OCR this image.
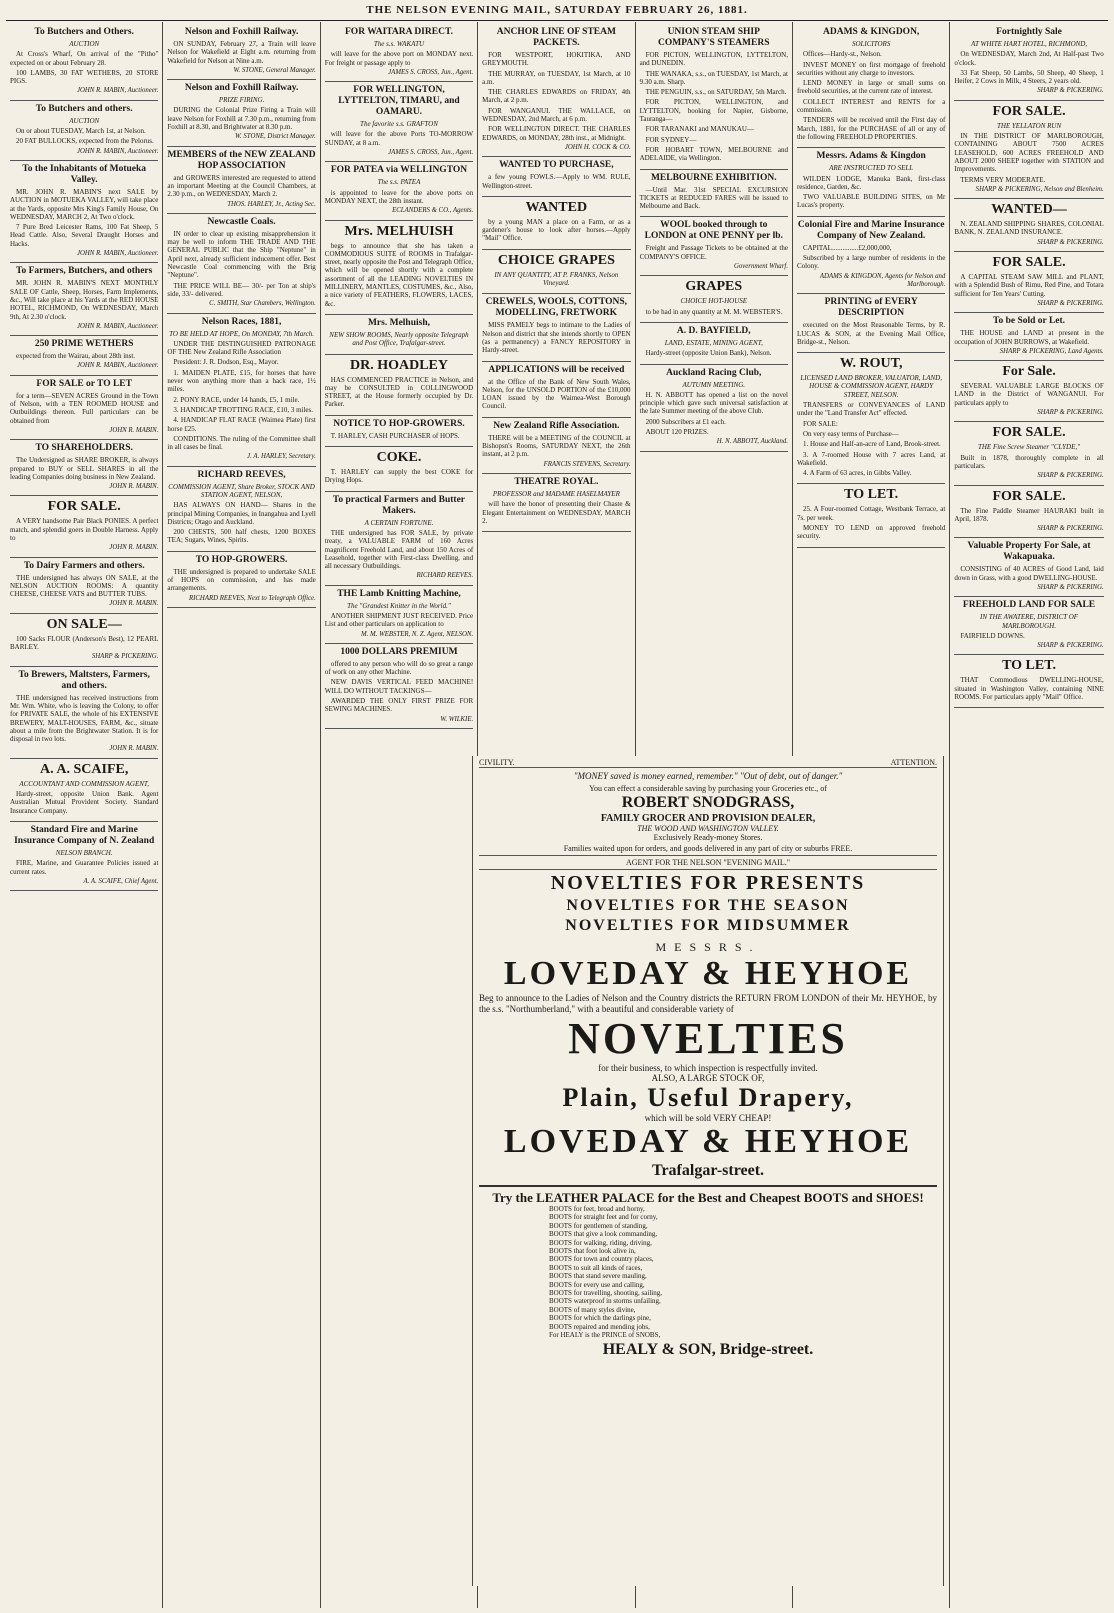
THE NELSON EVENING MAIL, SATURDAY FEBRUARY 26, 1881.
To Butchers and Others.
AUCTION

At Cross's Wharf, On arrival of the "Pitho" expected on or about February 28.

100 LAMBS, 30 FAT WETHERS, 20 STORE PIGS.

JOHN R. MABIN, Auctioneer.
To Butchers and others.
AUCTION

On or about TUESDAY, March 1st, at Nelson.

20 FAT BULLOCKS, expected from the Pelorus.

JOHN R. MABIN, Auctioneer.
To the Inhabitants of Motueka Valley.

MR. JOHN R. MABIN'S next SALE by AUCTION in MOTUEKA VALLEY, will take place at the Yards, opposite Mrs King's Family House, On WEDNESDAY, MARCH 2, At Two o'clock.

7 Pure Bred Leicester Rams, 100 Fat Sheep, 5 Head Cattle. Also, Several Draught Horses and Hacks.

JOHN R. MABIN, Auctioneer.
To Farmers, Butchers, and others

MR. JOHN R. MABIN'S NEXT MONTHLY SALE OF Cattle, Sheep, Horses, Farm Implements, &c., Will take place at his Yards at the RED HOUSE HOTEL, RICHMOND, On WEDNESDAY, March 9th, At 2.30 o'clock.

JOHN R. MABIN, Auctioneer.
250 PRIME WETHERS

expected from the Wairau, about 28th inst.

JOHN R. MABIN, Auctioneer.
FOR SALE or TO LET

for a term—SEVEN ACRES Ground in the Town of Nelson, with a TEN ROOMED HOUSE and Outbuildings thereon. Full particulars can be obtained from

JOHN R. MABIN.
TO SHAREHOLDERS.

The Undersigned as SHARE BROKER, is always prepared to BUY or SELL SHARES in all the leading Companies doing business in New Zealand.

JOHN R. MABIN.
FOR SALE.

A VERY handsome Pair Black PONIES. A perfect match, and splendid goers in Double Harness. Apply to

JOHN R. MABIN.
To Dairy Farmers and others.

THE undersigned has always ON SALE, at the NELSON AUCTION ROOMS: A quantity CHEESE, CHEESE VATS and BUTTER TUBS.

JOHN R. MABIN.
ON SALE—

100 Sacks FLOUR (Anderson's Best), 12 PEARL BARLEY.

SHARP & PICKERING.
To Brewers, Maltsters, Farmers, and others.

THE undersigned has received instructions from Mr. Wm. White, who is leaving the Colony, to offer for PRIVATE SALE, the whole of his EXTENSIVE BREWERY, MALT-HOUSES, FARM, &c., situate about a mile from the Brightwater Station. It is for disposal in two lots.

JOHN R. MABIN.
A. A. SCAIFE,
ACCOUNTANT AND COMMISSION AGENT,

Hardy-street, opposite Union Bank. Agent Australian Mutual Provident Society. Standard Insurance Company.

Standard Fire and Marine Insurance Company of N. Zealand
NELSON BRANCH.

FIRE, Marine, and Guarantee Policies issued at current rates.

A. A. SCAIFE, Chief Agent.
Nelson and Foxhill Railway.

ON SUNDAY, February 27, a Train will leave Nelson for Wakefield at Eight a.m. returning from Wakefield for Nelson at Nine a.m.

W. STONE, General Manager.
Nelson and Foxhill Railway.
PRIZE FIRING.

DURING the Colonial Prize Firing a Train will leave Nelson for Foxhill at 7.30 p.m., returning from Foxhill at 8.30, and Brightwater at 8.30 p.m.

W. STONE, District Manager.
MEMBERS of the NEW ZEALAND HOP ASSOCIATION

and GROWERS interested are requested to attend an important Meeting at the Council Chambers, at 2.30 p.m., on WEDNESDAY, March 2.

THOS. HARLEY, Jr., Acting Sec.
Newcastle Coals.

IN order to clear up existing misapprehension it may be well to inform THE TRADE AND THE GENERAL PUBLIC that the Ship "Neptune" in April next, already sufficient inducement offer. Best Newcastle Coal commencing with the Brig "Neptune".

THE PRICE WILL BE— 30/- per Ton at ship's side, 33/- delivered.

C. SMITH, Star Chambers, Wellington.
Nelson Races, 1881,
TO BE HELD AT HOPE, On MONDAY, 7th March.

UNDER THE DISTINGUISHED PATRONAGE OF THE New Zealand Rifle Association

President: J. R. Dodson, Esq., Mayor.

1. MAIDEN PLATE, £15, for horses that have never won anything more than a hack race, 1½ miles.

2. PONY RACE, under 14 hands, £5, 1 mile.

3. HANDICAP TROTTING RACE, £10, 3 miles.

4. HANDICAP FLAT RACE (Waimea Plate) first horse £25.

CONDITIONS. The ruling of the Committee shall in all cases be final.

J. A. HARLEY, Secretary.
RICHARD REEVES,
COMMISSION AGENT, Share Broker, STOCK AND STATION AGENT, NELSON,

HAS ALWAYS ON HAND— Shares in the principal Mining Companies, in Inangahua and Lyell Districts; Otago and Auckland.

200 CHESTS, 500 half chests, 1200 BOXES TEA; Sugars, Wines, Spirits.

TO HOP-GROWERS.

THE undersigned is prepared to undertake SALE of HOPS on commission, and has made arrangements.

RICHARD REEVES, Next to Telegraph Office.
FOR WAITARA DIRECT.
The s.s. WAKATU

will leave for the above port on MONDAY next. For freight or passage apply to

JAMES S. CROSS, Jun., Agent.
FOR WELLINGTON, LYTTELTON, TIMARU, and OAMARU.
The favorite s.s. GRAFTON

will leave for the above Ports TO-MORROW SUNDAY, at 8 a.m.

JAMES S. CROSS, Jun., Agent.
FOR PATEA via WELLINGTON
The s.s. PATEA

is appointed to leave for the above ports on MONDAY NEXT, the 28th instant.

ECLANDERS & CO., Agents.
Mrs. MELHUISH

begs to announce that she has taken a COMMODIOUS SUITE of ROOMS in Trafalgar-street, nearly opposite the Post and Telegraph Office, which will be opened shortly with a complete assortment of all the LEADING NOVELTIES IN MILLINERY, MANTLES, COSTUMES, &c., Also, a nice variety of FEATHERS, FLOWERS, LACES, &c.

Mrs. Melhuish,
NEW SHOW ROOMS, Nearly opposite Telegraph and Post Office, Trafalgar-street.
DR. HOADLEY

HAS COMMENCED PRACTICE in Nelson, and may be CONSULTED in COLLINGWOOD STREET, at the House formerly occupied by Dr. Parker.

NOTICE TO HOP-GROWERS.

T. HARLEY, CASH PURCHASER of HOPS.

COKE.

T. HARLEY can supply the best COKE for Drying Hops.

To practical Farmers and Butter Makers.
A CERTAIN FORTUNE.

THE undersigned has FOR SALE, by private treaty, a VALUABLE FARM of 160 Acres magnificent Freehold Land, and about 150 Acres of Leasehold, together with First-class Dwelling, and all necessary Outbuildings.

RICHARD REEVES.
THE Lamb Knitting Machine,
The "Grandest Knitter in the World."

ANOTHER SHIPMENT JUST RECEIVED. Price List and other particulars on application to

M. M. WEBSTER, N. Z. Agent, NELSON.
1000 DOLLARS PREMIUM

offered to any person who will do so great a range of work on any other Machine.

NEW DAVIS VERTICAL FEED MACHINE! WILL DO WITHOUT TACKINGS—

AWARDED THE ONLY FIRST PRIZE FOR SEWING MACHINES.

W. WILKIE.
ANCHOR LINE OF STEAM PACKETS.

FOR WESTPORT, HOKITIKA, AND GREYMOUTH.

THE MURRAY, on TUESDAY, 1st March, at 10 a.m.

THE CHARLES EDWARDS on FRIDAY, 4th March, at 2 p.m.

FOR WANGANUI. THE WALLACE, on WEDNESDAY, 2nd March, at 6 p.m.

FOR WELLINGTON DIRECT. THE CHARLES EDWARDS, on MONDAY, 28th inst., at Midnight.

JOHN H. COCK & CO.
WANTED TO PURCHASE,

a few young FOWLS.—Apply to WM. RULE, Wellington-street.

WANTED

by a young MAN a place on a Farm, or as a gardener's house to look after horses.—Apply "Mail" Office.

CHOICE GRAPES
IN ANY QUANTITY, AT P. FRANKS, Nelson Vineyard.
CREWELS, WOOLS, COTTONS, MODELLING, FRETWORK

MISS PAMELY begs to intimate to the Ladies of Nelson and district that she intends shortly to OPEN (as a permanency) a FANCY REPOSITORY in Hardy-street.

APPLICATIONS will be received

at the Office of the Bank of New South Wales, Nelson, for the UNSOLD PORTION of the £10,000 LOAN issued by the Waimea-West Borough Council.

New Zealand Rifle Association.

THERE will be a MEETING of the COUNCIL at Bishopsn's Rooms, SATURDAY NEXT, the 26th instant, at 2 p.m.

FRANCIS STEVENS, Secretary.
THEATRE ROYAL.
PROFESSOR and MADAME HASELMAYER

will have the honor of presenting their Chaste & Elegant Entertainment on WEDNESDAY, MARCH 2.

UNION STEAM SHIP COMPANY'S STEAMERS

FOR PICTON, WELLINGTON, LYTTELTON, and DUNEDIN.

THE WANAKA, s.s., on TUESDAY, 1st March, at 9.30 a.m. Sharp.

THE PENGUIN, s.s., on SATURDAY, 5th March.

FOR PICTON, WELLINGTON, and LYTTELTON, booking for Napier, Gisborne, Tauranga—

FOR TARANAKI and MANUKAU—

FOR SYDNEY—

FOR HOBART TOWN, MELBOURNE and ADELAIDE, via Wellington.

MELBOURNE EXHIBITION.

—Until Mar. 31st SPECIAL EXCURSION TICKETS at REDUCED FARES will be issued to Melbourne and Back.

WOOL booked through to LONDON at ONE PENNY per lb.

Freight and Passage Tickets to be obtained at the COMPANY'S OFFICE.

Government Wharf.
GRAPES
CHOICE HOT-HOUSE

to be had in any quantity at M. M. WEBSTER'S.

A. D. BAYFIELD,
LAND, ESTATE, MINING AGENT,

Hardy-street (opposite Union Bank), Nelson.

Auckland Racing Club,
AUTUMN MEETING.

H. N. ABBOTT has opened a list on the novel principle which gave such universal satisfaction at the late Summer meeting of the above Club.

2000 Subscribers at £1 each.

ABOUT 120 PRIZES.

H. N. ABBOTT, Auckland.
ADAMS & KINGDON,
SOLICITORS

Offices—Hardy-st., Nelson.

INVEST MONEY on first mortgage of freehold securities without any charge to investors.

LEND MONEY in large or small sums on freehold securities, at the current rate of interest.

COLLECT INTEREST and RENTS for a commission.

TENDERS will be received until the First day of March, 1881, for the PURCHASE of all or any of the following FREEHOLD PROPERTIES.

Messrs. Adams & Kingdon
ARE INSTRUCTED TO SELL

WILDEN LODGE, Manuka Bank, first-class residence, Garden, &c.

TWO VALUABLE BUILDING SITES, on Mr Lucas's property.

Colonial Fire and Marine Insurance Company of New Zealand.

CAPITAL...............£2,000,000,

Subscribed by a large number of residents in the Colony.

ADAMS & KINGDON, Agents for Nelson and Marlborough.
PRINTING of EVERY DESCRIPTION

executed on the Most Reasonable Terms, by R. LUCAS & SON, at the Evening Mail Office, Bridge-st., Nelson.

W. ROUT,
LICENSED LAND BROKER, VALUATOR, LAND, HOUSE & COMMISSION AGENT, HARDY STREET, NELSON.

TRANSFERS or CONVEYANCES of LAND under the "Land Transfer Act" effected.

FOR SALE:

On very easy terms of Purchase—

1. House and Half-an-acre of Land, Brook-street.

3. A 7-roomed House with 7 acres Land, at Wakefield.

4. A Farm of 63 acres, in Gibbs Valley.

TO LET.

25. A Four-roomed Cottage, Westbank Terrace, at 7s. per week.

MONEY TO LEND on approved freehold security.

Fortnightly Sale
AT WHITE HART HOTEL, RICHMOND,

On WEDNESDAY, March 2nd, At Half-past Two o'clock.

33 Fat Sheep, 50 Lambs, 50 Sheep, 40 Sheep, 1 Heifer, 2 Cows in Milk, 4 Steers, 2 years old.

SHARP & PICKERING.
FOR SALE.
THE YELLATON RUN

IN THE DISTRICT OF MARLBOROUGH, CONTAINING ABOUT 7500 ACRES LEASEHOLD, 600 ACRES FREEHOLD AND ABOUT 2000 SHEEP together with STATION and Improvements.

TERMS VERY MODERATE.

SHARP & PICKERING, Nelson and Blenheim.
WANTED—

N. ZEALAND SHIPPING SHARES, COLONIAL BANK, N. ZEALAND INSURANCE.

SHARP & PICKERING.
FOR SALE.

A CAPITAL STEAM SAW MILL and PLANT, with a Splendid Bush of Rimu, Red Pine, and Totara sufficient for Ten Years' Cutting.

SHARP & PICKERING.
To be Sold or Let.

THE HOUSE and LAND at present in the occupation of JOHN BURROWS, at Wakefield.

SHARP & PICKERING, Land Agents.
For Sale.

SEVERAL VALUABLE LARGE BLOCKS OF LAND in the District of WANGANUI. For particulars apply to

SHARP & PICKERING.
FOR SALE.
THE Fine Screw Steamer "CLYDE,"

Built in 1878, thoroughly complete in all particulars.

SHARP & PICKERING.
FOR SALE.

The Fine Paddle Steamer HAURAKI built in April, 1878.

SHARP & PICKERING.
Valuable Property For Sale, at Wakapuaka.

CONSISTING of 40 ACRES of Good Land, laid down in Grass, with a good DWELLING-HOUSE.

SHARP & PICKERING.
FREEHOLD LAND FOR SALE
IN THE AWATERE, DISTRICT OF MARLBOROUGH.

FAIRFIELD DOWNS.

SHARP & PICKERING.
TO LET.

THAT Commodious DWELLING-HOUSE, situated in Washington Valley, containing NINE ROOMS. For particulars apply "Mail" Office.

CIVILITY.	ATTENTION.
"MONEY saved is money earned, remember." "Out of debt, out of danger."
You can effect a considerable saving by purchasing your Groceries etc., of
ROBERT SNODGRASS,
FAMILY GROCER AND PROVISION DEALER,
THE WOOD AND WASHINGTON VALLEY.
Exclusively Ready-money Stores.
Families waited upon for orders, and goods delivered in any part of city or suburbs FREE.
AGENT FOR THE NELSON "EVENING MAIL."
NOVELTIES FOR PRESENTS
NOVELTIES FOR THE SEASON
NOVELTIES FOR MIDSUMMER
MESSRS.
LOVEDAY & HEYHOE
Beg to announce to the Ladies of Nelson and the Country districts the RETURN FROM LONDON of their Mr. HEYHOE, by the s.s. "Northumberland," with a beautiful and considerable variety of
NOVELTIES
for their business, to which inspection is respectfully invited.
ALSO, A LARGE STOCK OF,
Plain, Useful Drapery,
which will be sold VERY CHEAP!
LOVEDAY & HEYHOE
Trafalgar-street.
Try the LEATHER PALACE for the Best and Cheapest BOOTS and SHOES!
BOOTS for feet, broad and horny,
BOOTS for straight feet and for corny,
BOOTS for gentlemen of standing,
BOOTS that give a look commanding,
BOOTS for walking, riding, driving,
BOOTS that foot look alive in,
BOOTS for town and country places,
BOOTS to suit all kinds of races,
BOOTS that stand severe mauling,
BOOTS for every use and calling,
BOOTS for travelling, shooting, sailing,
BOOTS waterproof in storms unfailing,
BOOTS of many styles divine,
BOOTS for which the darlings pine,
BOOTS repaired and mending jobs,
For HEALY is the PRINCE of SNOBS,
HEALY & SON, Bridge-street.
